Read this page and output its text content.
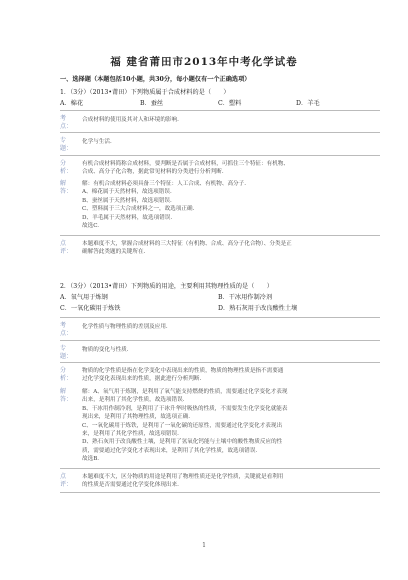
福 建省莆田市2013年中考化学试卷
一、选择题（本题包括10小题，共30分，每小题仅有一个正确选项）
1．（3分）（2013•莆田）下列物质属于合成材料的是（　　）
A．棉花	B．蚕丝	C．塑料	D．羊毛
考点：
合成材料的使用及其对人和环境的影响.
专题：
化学与生活.
分析：
有机合成材料简称合成材料，要判断是否属于合成材料，可抓住三个特征：有机物、
合成、高分子化合物，据此常见材料的分类进行分析判断.
解答：
解：有机合成材料必须具备三个特征：人工合成、有机物、高分子.
A、棉花属于天然材料，故选项错误.
B、蚕丝属于天然材料，故选项错误.
C、塑料属于三大合成材料之一，故选项正确.
D、羊毛属于天然材料，故选项错误.
故选C.
点评：
本题难度不大，掌握合成材料的三大特征（有机物、合成、高分子化合物）、分类是正
确解答此类题的关键所在.
2．（3分）（2013•莆田）下列物质的用途，主要利用其物理性质的是（　　）
A．氧气用于炼钢	B．干冰用作制冷剂
C．一氧化碳用于炼铁	D．熟石灰用于改良酸性土壤
考点：
化学性质与物理性质的差别及应用.
专题：
物质的变化与性质.
分析：
物质的化学性质是指在化学变化中表现出来的性质，物质的物理性质是指不需要通
过化学变化表现出来的性质，据此进行分析判断.
解答：
解：A、氧气用于炼钢，是利用了氧气能支持燃烧的性质，需要通过化学变化才表现
出来，是利用了其化学性质，故选项错误.
B、干冰用作制冷剂，是利用了干冰升华时吸热的性质，不需要发生化学变化就能表
现出来，是利用了其物理性质，故选项正确.
C、一氧化碳用于炼铁，是利用了一氧化碳的还原性，需要通过化学变化才表现出
来，是利用了其化学性质，故选项错误.
D、熟石灰用于改良酸性土壤，是利用了氢氧化钙能与土壤中的酸性物质反应的性
质，需要通过化学变化才表现出来，是利用了其化学性质，故选项错误.
故选B.
点评：
本题难度不大，区分物质的用途是利用了物理性质还是化学性质，关键就是看利用
的性质是否需要通过化学变化体现出来.
1
